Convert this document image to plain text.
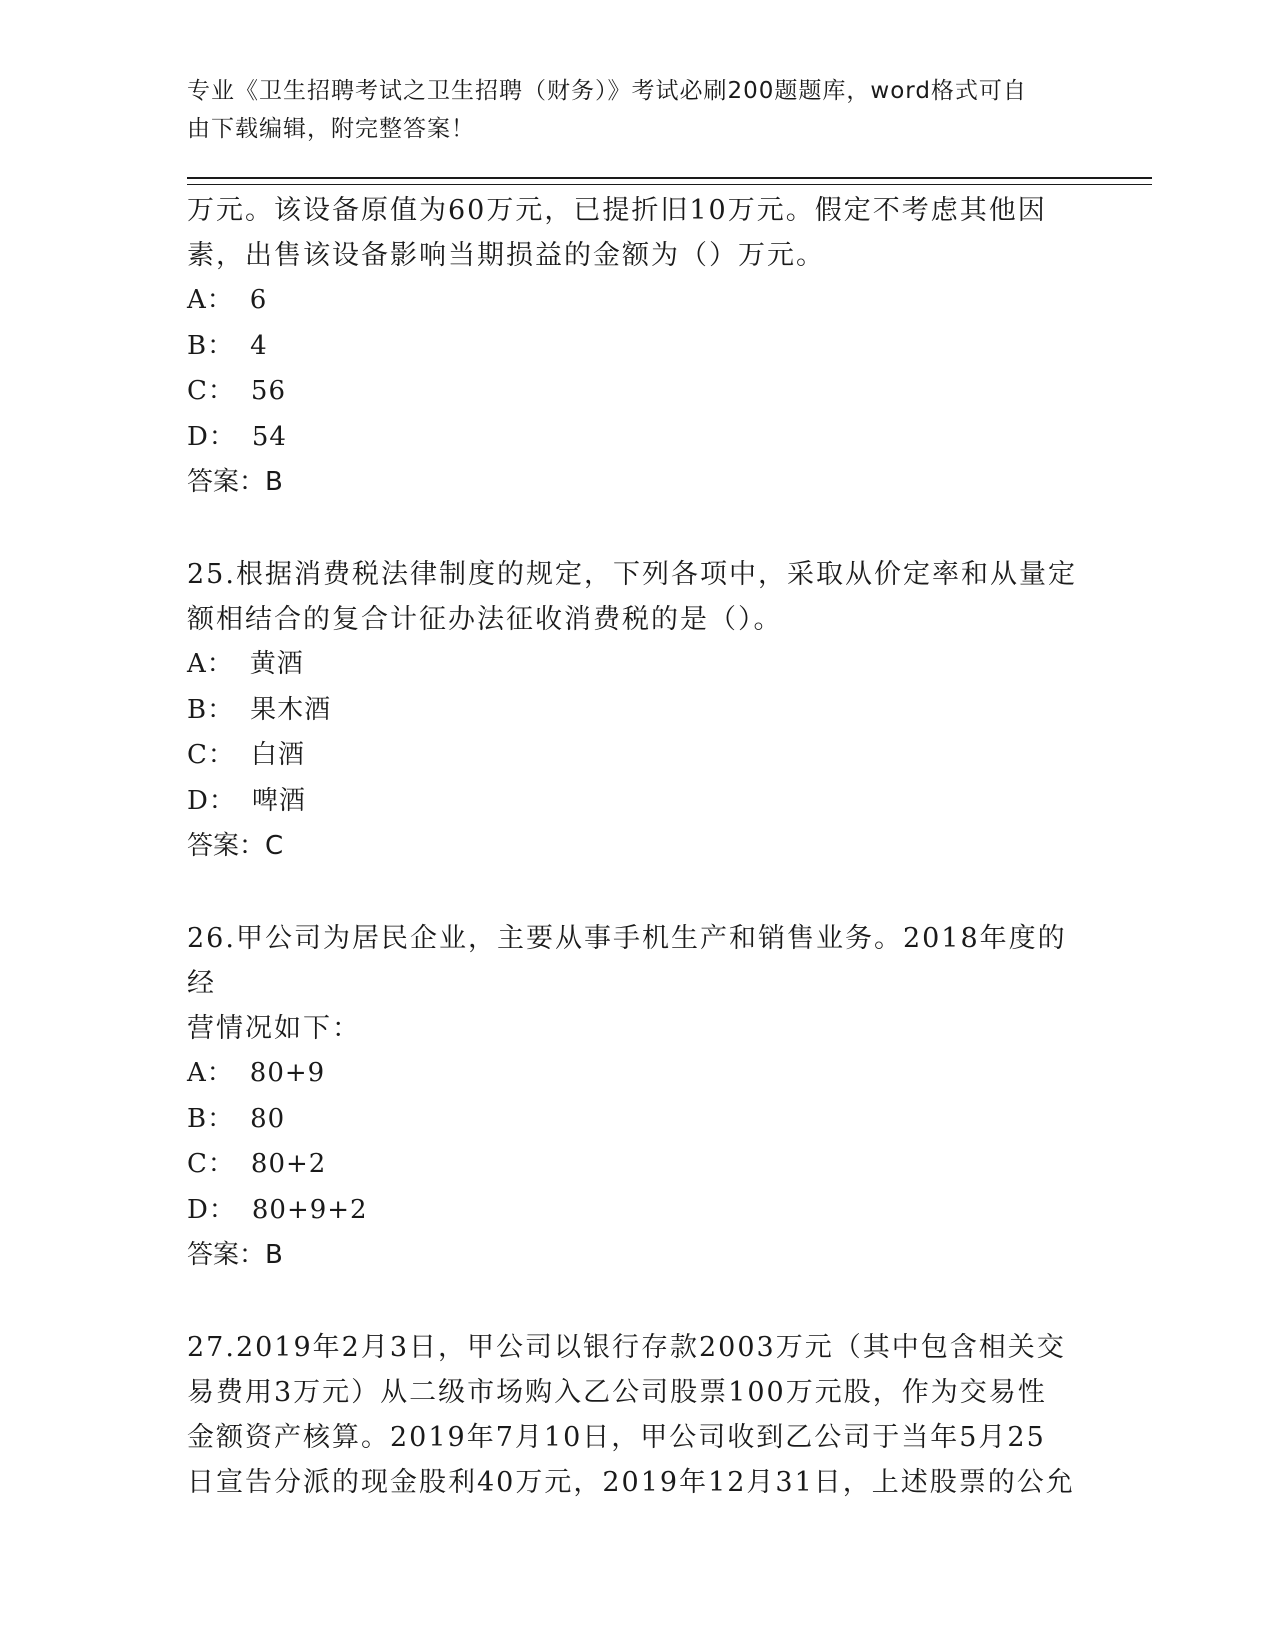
专业《卫生招聘考试之卫生招聘（财务）》考试必刷200题题库，word格式可自
由下载编辑，附完整答案！

万元。该设备原值为60万元，已提折旧10万元。假定不考虑其他因

素，出售该设备影响当期损益的金额为（）万元。

A： 6

B： 4

C： 56

D： 54

答案：B

25.根据消费税法律制度的规定，下列各项中，采取从价定率和从量定

额相结合的复合计征办法征收消费税的是（）。

A： 黄酒

B： 果木酒

C： 白酒

D： 啤酒

答案：C

26.甲公司为居民企业，主要从事手机生产和销售业务。2018年度的经

营情况如下：

A： 80+9

B： 80

C： 80+2

D： 80+9+2

答案：B

27.2019年2月3日，甲公司以银行存款2003万元（其中包含相关交

易费用3万元）从二级市场购入乙公司股票100万元股，作为交易性

金额资产核算。2019年7月10日，甲公司收到乙公司于当年5月25

日宣告分派的现金股利40万元，2019年12月31日，上述股票的公允
